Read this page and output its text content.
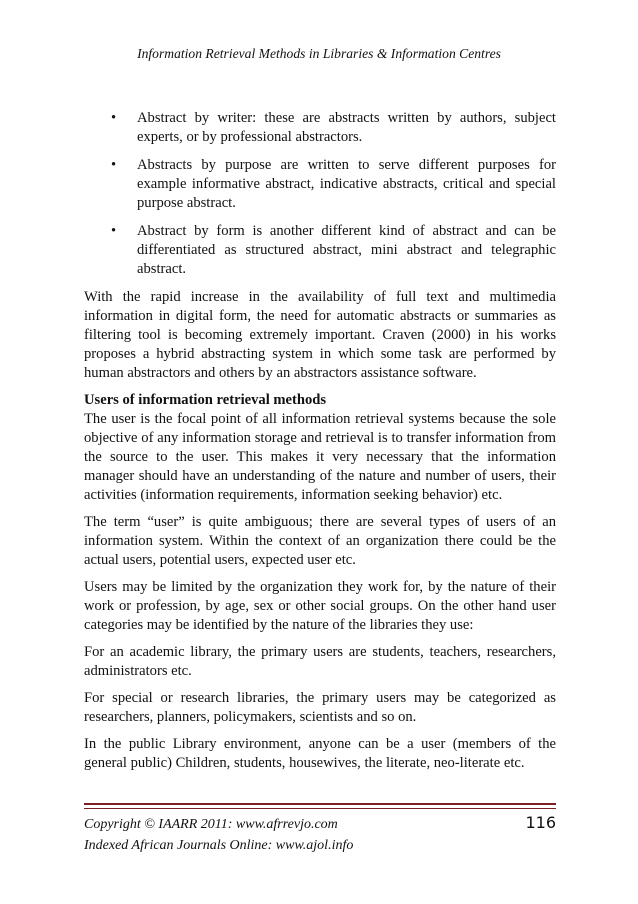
Information Retrieval Methods in Libraries & Information Centres
• Abstract by writer: these are abstracts written by authors, subject experts, or by professional abstractors.
• Abstracts by purpose are written to serve different purposes for example informative abstract, indicative abstracts, critical and special purpose abstract.
• Abstract by form is another different kind of abstract and can be differentiated as structured abstract, mini abstract and telegraphic abstract.

With the rapid increase in the availability of full text and multimedia information in digital form, the need for automatic abstracts or summaries as filtering tool is becoming extremely important. Craven (2000) in his works proposes a hybrid abstracting system in which some task are performed by human abstractors and others by an abstractors assistance software.

Users of information retrieval methods

The user is the focal point of all information retrieval systems because the sole objective of any information storage and retrieval is to transfer information from the source to the user. This makes it very necessary that the information manager should have an understanding of the nature and number of users, their activities (information requirements, information seeking behavior) etc.

The term “user” is quite ambiguous; there are several types of users of an information system. Within the context of an organization there could be the actual users, potential users, expected user etc.

Users may be limited by the organization they work for, by the nature of their work or profession, by age, sex or other social groups. On the other hand user categories may be identified by the nature of the libraries they use:

For an academic library, the primary users are students, teachers, researchers, administrators etc.

For special or research libraries, the primary users may be categorized as researchers, planners, policymakers, scientists and so on.

In the public Library environment, anyone can be a user (members of the general public) Children, students, housewives, the literate, neo-literate etc.

Copyright © IAARR 2011: www.afrrevjo.com
Indexed African Journals Online: www.ajol.info
116
